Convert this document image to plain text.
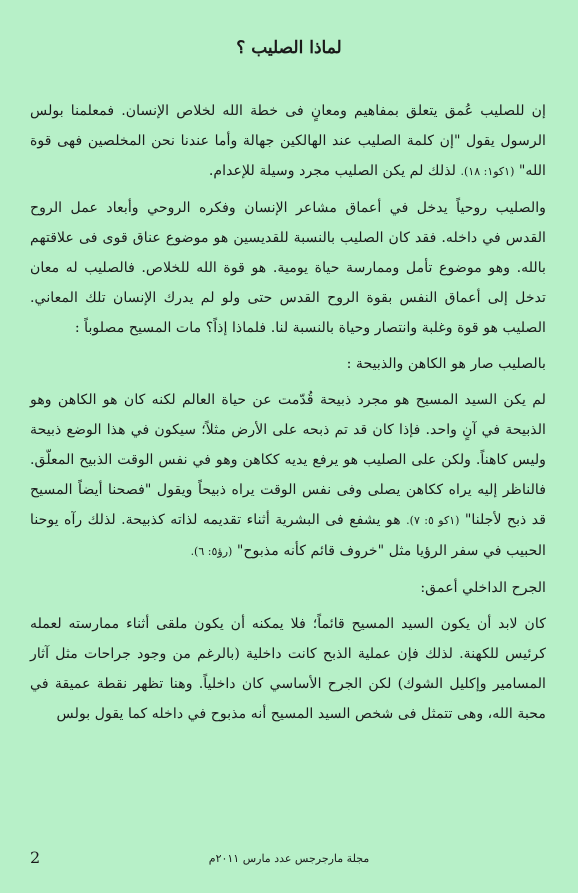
لماذا الصليب ؟

إن للصليب عُمق يتعلق بمفاهيم ومعانٍ فى خطة الله لخلاص الإنسان. فمعلمنا بولس الرسول يقول "إن كلمة الصليب عند الهالكين جهالة وأما عندنا نحن المخلصين فهى قوة الله" (١كو١: ١٨). لذلك لم يكن الصليب مجرد وسيلة للإعدام.

والصليب روحياً يدخل في أعماق مشاعر الإنسان وفكره الروحي وأبعاد عمل الروح القدس في داخله. فقد كان الصليب بالنسبة للقديسين هو موضوع عناق قوى فى علاقتهم بالله. وهو موضوع تأمل وممارسة حياة يومية. هو قوة الله للخلاص. فالصليب له معان تدخل إلى أعماق النفس بقوة الروح القدس حتى ولو لم يدرك الإنسان تلك المعاني. الصليب هو قوة وغلبة وانتصار وحياة بالنسبة لنا. فلماذا إذاً؟ مات المسيح مصلوباً :

بالصليب صار هو الكاهن والذبيحة :

لم يكن السيد المسيح هو مجرد ذبيحة قُدّمت عن حياة العالم لكنه كان هو الكاهن وهو الذبيحة في آنٍ واحد. فإذا كان قد تم ذبحه على الأرض مثلاً؛ سيكون في هذا الوضع ذبيحة وليس كاهناً. ولكن على الصليب هو يرفع يديه ككاهن وهو في نفس الوقت الذبيح المعلّق. فالناظر إليه يراه ككاهن يصلى وفى نفس الوقت يراه ذبيحاً ويقول "فصحنا أيضاً المسيح قد ذبح لأجلنا" (١كو ٥: ٧). هو يشفع فى البشرية أثناء تقديمه لذاته كذبيحة. لذلك رآه يوحنا الحبيب في سفر الرؤيا مثل "خروف قائم كأنه مذبوح" (رؤ٥: ٦).

الجرح الداخلي أعمق:

كان لابد أن يكون السيد المسيح قائماً؛ فلا يمكنه أن يكون ملقى أثناء ممارسته لعمله كرئيس للكهنة. لذلك فإن عملية الذبح كانت داخلية (بالرغم من وجود جراحات مثل آثار المسامير وإكليل الشوك) لكن الجرح الأساسي كان داخلياً. وهنا تظهر نقطة عميقة في محبة الله، وهى تتمثل فى شخص السيد المسيح أنه مذبوح في داخله كما يقول بولس

2	مجلة مارجرجس عدد مارس ٢٠١١م
